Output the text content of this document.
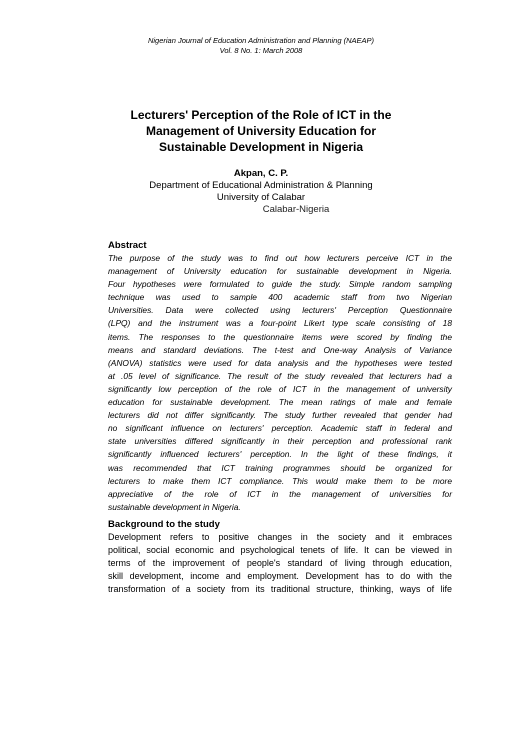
Nigerian Journal of Education Administration and Planning (NAEAP)
Vol. 8 No. 1: March 2008
Lecturers' Perception of the Role of ICT in the
Management of University Education for
Sustainable Development in Nigeria
Akpan, C. P.
Department of Educational Administration & Planning
University of Calabar
Calabar-Nigeria
Abstract
The purpose of the study was to find out how lecturers perceive ICT in the
management of University education for sustainable development in Nigeria.
Four hypotheses were formulated to guide the study. Simple random sampling
technique was used to sample 400 academic staff from two Nigerian
Universities. Data were collected using lecturers' Perception Questionnaire
(LPQ) and the instrument was a four-point Likert type scale consisting of 18
items. The responses to the questionnaire items were scored by finding the
means and standard deviations. The t-test and One-way Analysis of Variance
(ANOVA) statistics were used for data analysis and the hypotheses were tested
at .05 level of significance. The result of the study revealed that lecturers had a
significantly low perception of the role of ICT in the management of university
education for sustainable development. The mean ratings of male and female
lecturers did not differ significantly. The study further revealed that gender had
no significant influence on lecturers' perception. Academic staff in federal and
state universities differed significantly in their perception and professional rank
significantly influenced lecturers' perception. In the light of these findings, it
was recommended that ICT training programmes should be organized for
lecturers to make them ICT compliance. This would make them to be more
appreciative of the role of ICT in the management of universities for
sustainable development in Nigeria.
Background to the study
Development refers to positive changes in the society and it embraces
political, social economic and psychological tenets of life. It can be viewed in
terms of the improvement of people's standard of living through education,
skill development, income and employment. Development has to do with the
transformation of a society from its traditional structure, thinking, ways of life
